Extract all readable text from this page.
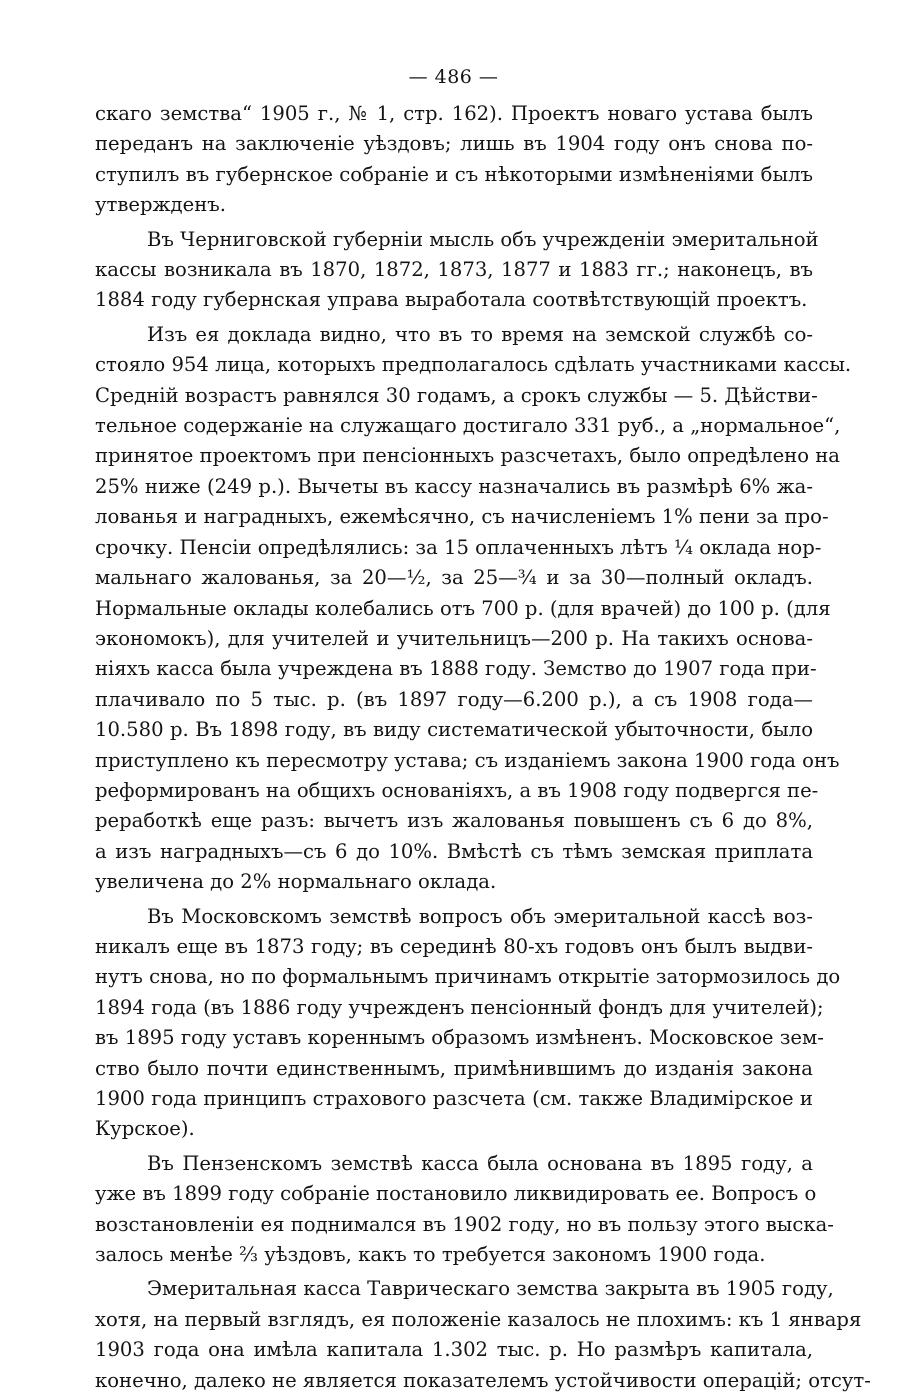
— 486 —
скаго земства“ 1905 г., № 1, стр. 162). Проектъ новаго устава былъ
переданъ на заключенiе уѣздовъ; лишь въ 1904 году онъ снова по-
ступилъ въ губернское собранiе и съ нѣкоторыми измѣненiями былъ
утвержденъ.
Въ Черниговской губернiи мысль объ учрежденiи эмеритальной
кассы возникала въ 1870, 1872, 1873, 1877 и 1883 гг.; наконецъ, въ
1884 году губернская управа выработала соотвѣтствующiй проектъ.
Изъ ея доклада видно, что въ то время на земской службѣ со-
стояло 954 лица, которыхъ предполагалось сдѣлать участниками кассы.
Среднiй возрастъ равнялся 30 годамъ, а срокъ службы — 5. Дѣйстви-
тельное содержанiе на служащаго достигало 331 руб., а „нормальное“,
принятое проектомъ при пенсiонныхъ разсчетахъ, было опредѣлено на
25% ниже (249 р.). Вычеты въ кассу назначались въ размѣрѣ 6% жа-
лованья и наградныхъ, ежемѣсячно, съ начисленiемъ 1% пени за про-
срочку. Пенсiи опредѣлялись: за 15 оплаченныхъ лѣтъ ¼ оклада нор-
мальнаго жалованья, за 20—½, за 25—¾ и за 30—полный окладъ.
Нормальные оклады колебались отъ 700 р. (для врачей) до 100 р. (для
экономокъ), для учителей и учительницъ—200 р. На такихъ основа-
нiяхъ касса была учреждена въ 1888 году. Земство до 1907 года при-
плачивало по 5 тыс. р. (въ 1897 году—6.200 р.), а съ 1908 года—
10.580 р. Въ 1898 году, въ виду систематической убыточности, было
приступлено къ пересмотру устава; съ изданiемъ закона 1900 года онъ
реформированъ на общихъ основанiяхъ, а въ 1908 году подвергся пе-
реработкѣ еще разъ: вычетъ изъ жалованья повышенъ съ 6 до 8%,
а изъ наградныхъ—съ 6 до 10%. Вмѣстѣ съ тѣмъ земская приплата
увеличена до 2% нормальнаго оклада.
Въ Московскомъ земствѣ вопросъ объ эмеритальной кассѣ воз-
никалъ еще въ 1873 году; въ серединѣ 80-хъ годовъ онъ былъ выдви-
нутъ снова, но по формальнымъ причинамъ открытiе затормозилось до
1894 года (въ 1886 году учрежденъ пенсiонный фондъ для учителей);
въ 1895 году уставъ кореннымъ образомъ измѣненъ. Московское зем-
ство было почти единственнымъ, примѣнившимъ до изданiя закона
1900 года принципъ страхового разсчета (см. также Владимiрское и
Курское).
Въ Пензенскомъ земствѣ касса была основана въ 1895 году, а
уже въ 1899 году собранiе постановило ликвидировать ее. Вопросъ о
возстановленiи ея поднимался въ 1902 году, но въ пользу этого выска-
залось менѣе ⅔ уѣздовъ, какъ то требуется закономъ 1900 года.
Эмеритальная касса Таврическаго земства закрыта въ 1905 году,
хотя, на первый взглядъ, ея положенiе казалось не плохимъ: къ 1 января
1903 года она имѣла капитала 1.302 тыс. р. Но размѣръ капитала,
конечно, далеко не является показателемъ устойчивости операцiй; отсут-
